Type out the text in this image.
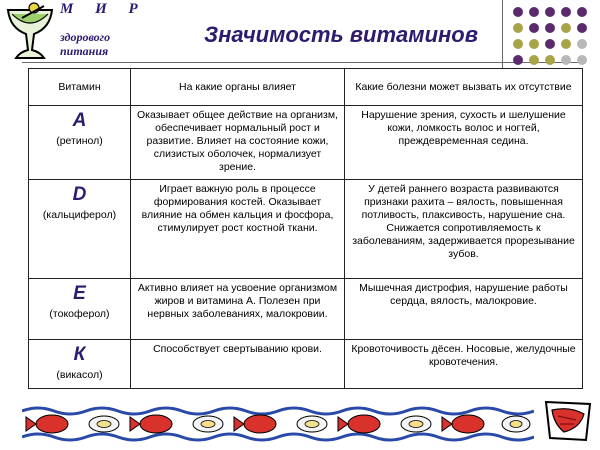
М И Р
здорового
питания
Значимость витаминов
Витамин	На какие органы влияет	Какие болезни может вызвать их отсутствие

А
(ретинол)	Оказывает общее действие на организм, обеспечивает нормальный рост и развитие. Влияет на состояние кожи, слизистых оболочек, нормализует зрение.	Нарушение зрения, сухость и шелушение кожи, ломкость волос и ногтей, преждевременная седина.

D
(кальциферол)	Играет важную роль в процессе формирования костей. Оказывает влияние на обмен кальция и фосфора, стимулирует рост костной ткани.	У детей раннего возраста развиваются признаки рахита – вялость, повышенная потливость, плаксивость, нарушение сна. Снижается сопротивляемость к заболеваниям, задерживается прорезывание зубов.

Е
(токоферол)	Активно влияет на усвоение организмом жиров и витамина А. Полезен при нервных заболеваниях, малокровии.	Мышечная дистрофия, нарушение работы сердца, вялость, малокровие.

К
(викасол)	Способствует свертыванию крови.	Кровоточивость дёсен. Носовые, желудочные кровотечения.
